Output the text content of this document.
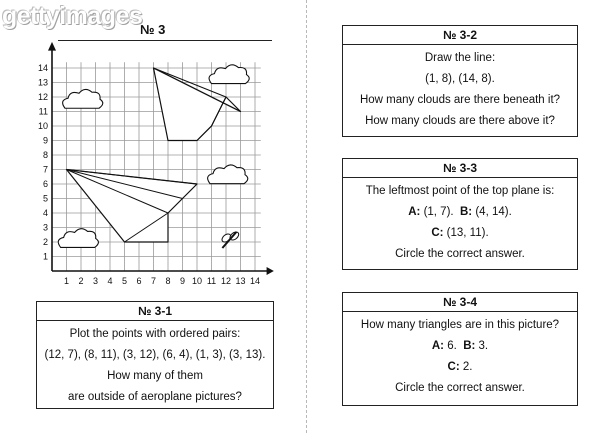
1 2 3 4 5 6 7 8 9 10 11 12 13 14
1
2
3
4
5
6
7
8
9
10
11
12
13
14
gettyimages
№ 3
№ 3-1
Plot the points with ordered pairs:
(12, 7), (8, 11), (3, 12), (6, 4), (1, 3), (3, 13).
How many of them
are outside of aeroplane pictures?
№ 3-2
Draw the line:
(1, 8), (14, 8).
How many clouds are there beneath it?
How many clouds are there above it?
№ 3-3
The leftmost point of the top plane is:
A: (1, 7). B: (4, 14).
C: (13, 11).
Circle the correct answer.
№ 3-4
How many triangles are in this picture?
A: 6. B: 3.
C: 2.
Circle the correct answer.
